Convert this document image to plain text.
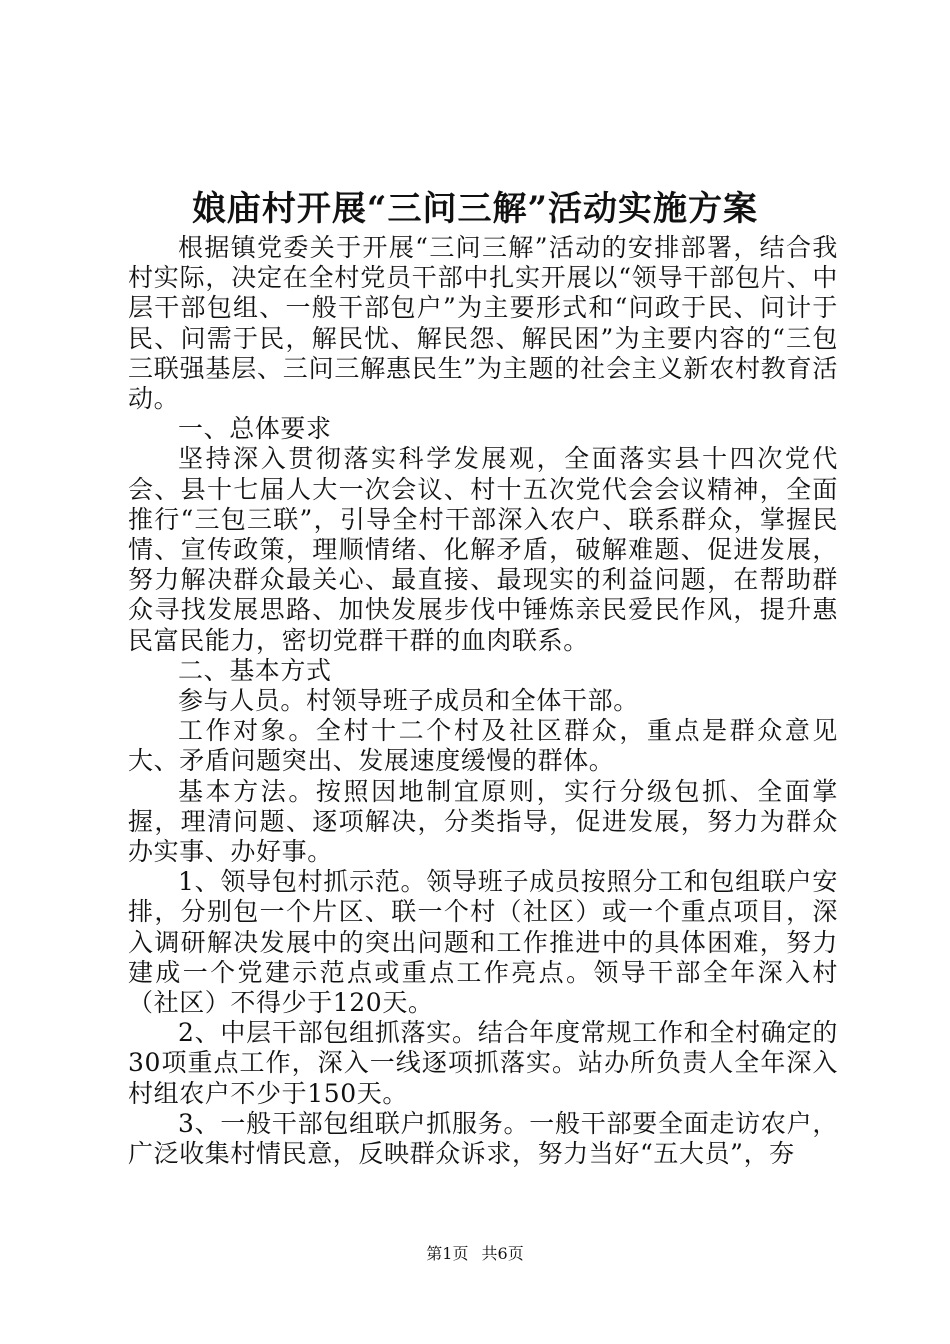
娘庙村开展“三问三解”活动实施方案

根据镇党委关于开展“三问三解”活动的安排部署，结合我村实际，决定在全村党员干部中扎实开展以“领导干部包片、中层干部包组、一般干部包户”为主要形式和“问政于民、问计于民、问需于民，解民忧、解民怨、解民困”为主要内容的“三包三联强基层、三问三解惠民生”为主题的社会主义新农村教育活动。

一、总体要求

坚持深入贯彻落实科学发展观，全面落实县十四次党代会、县十七届人大一次会议、村十五次党代会会议精神，全面推行“三包三联”，引导全村干部深入农户、联系群众，掌握民情、宣传政策，理顺情绪、化解矛盾，破解难题、促进发展，努力解决群众最关心、最直接、最现实的利益问题，在帮助群众寻找发展思路、加快发展步伐中锤炼亲民爱民作风，提升惠民富民能力，密切党群干群的血肉联系。

二、基本方式

参与人员。村领导班子成员和全体干部。

工作对象。全村十二个村及社区群众，重点是群众意见大、矛盾问题突出、发展速度缓慢的群体。

基本方法。按照因地制宜原则，实行分级包抓、全面掌握，理清问题、逐项解决，分类指导，促进发展，努力为群众办实事、办好事。

1、领导包村抓示范。领导班子成员按照分工和包组联户安排，分别包一个片区、联一个村（社区）或一个重点项目，深入调研解决发展中的突出问题和工作推进中的具体困难，努力建成一个党建示范点或重点工作亮点。领导干部全年深入村（社区）不得少于120天。

2、中层干部包组抓落实。结合年度常规工作和全村确定的30项重点工作，深入一线逐项抓落实。站办所负责人全年深入村组农户不少于150天。

3、一般干部包组联户抓服务。一般干部要全面走访农户，广泛收集村情民意，反映群众诉求，努力当好“五大员”，夯

第1页 共6页
